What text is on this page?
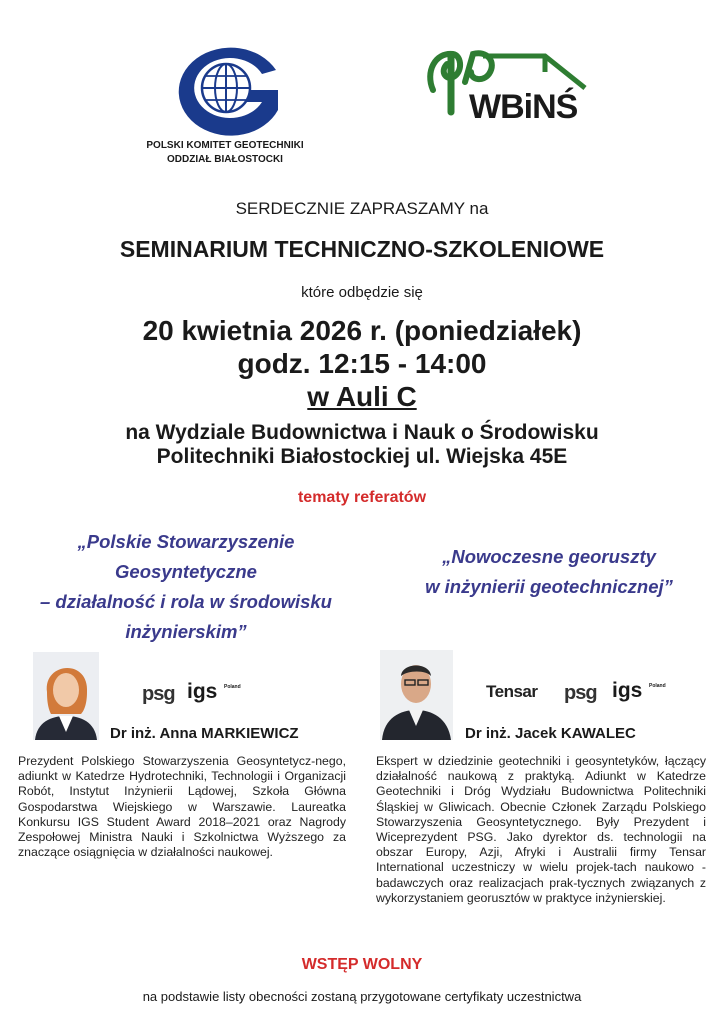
POLSKI KOMITET GEOTECHNIKI
ODDZIAŁ BIAŁOSTOCKI
WBiNŚ
SERDECZNIE ZAPRASZAMY na
SEMINARIUM TECHNICZNO-SZKOLENIOWE
które odbędzie się
20 kwietnia 2026 r. (poniedziałek)
godz. 12:15 - 14:00
w Auli C
na Wydziale Budownictwa i Nauk o Środowisku
Politechniki Białostockiej ul. Wiejska 45E
tematy referatów
„Polskie Stowarzyszenie
Geosyntetyczne
– działalność i rola w środowisku
inżynierskim”
„Nowoczesne georuszty
w inżynierii geotechnicznej”
psg igs Poland
Dr inż. Anna MARKIEWICZ
Prezydent Polskiego Stowarzyszenia Geosyntetycz-nego, adiunkt w Katedrze Hydrotechniki, Technologii i Organizacji Robót, Instytut Inżynierii Lądowej, Szkoła Główna Gospodarstwa Wiejskiego w Warszawie. Laureatka Konkursu IGS Student Award 2018–2021 oraz Nagrody Zespołowej Ministra Nauki i Szkolnictwa Wyższego za znaczące osiągnięcia w działalności naukowej.
Tensar psg igs Poland
Dr inż. Jacek KAWALEC
Ekspert w dziedzinie geotechniki i geosyntetyków, łączący działalność naukową z praktyką. Adiunkt w Katedrze Geotechniki i Dróg Wydziału Budownictwa Politechniki Śląskiej w Gliwicach. Obecnie Członek Zarządu Polskiego Stowarzyszenia Geosyntetycznego. Były Prezydent i Wiceprezydent PSG. Jako dyrektor ds. technologii na obszar Europy, Azji, Afryki i Australii firmy Tensar International uczestniczy w wielu projek-tach naukowo - badawczych oraz realizacjach prak-tycznych związanych z wykorzystaniem georusztów w praktyce inżynierskiej.
WSTĘP WOLNY
na podstawie listy obecności zostaną przygotowane certyfikaty uczestnictwa
